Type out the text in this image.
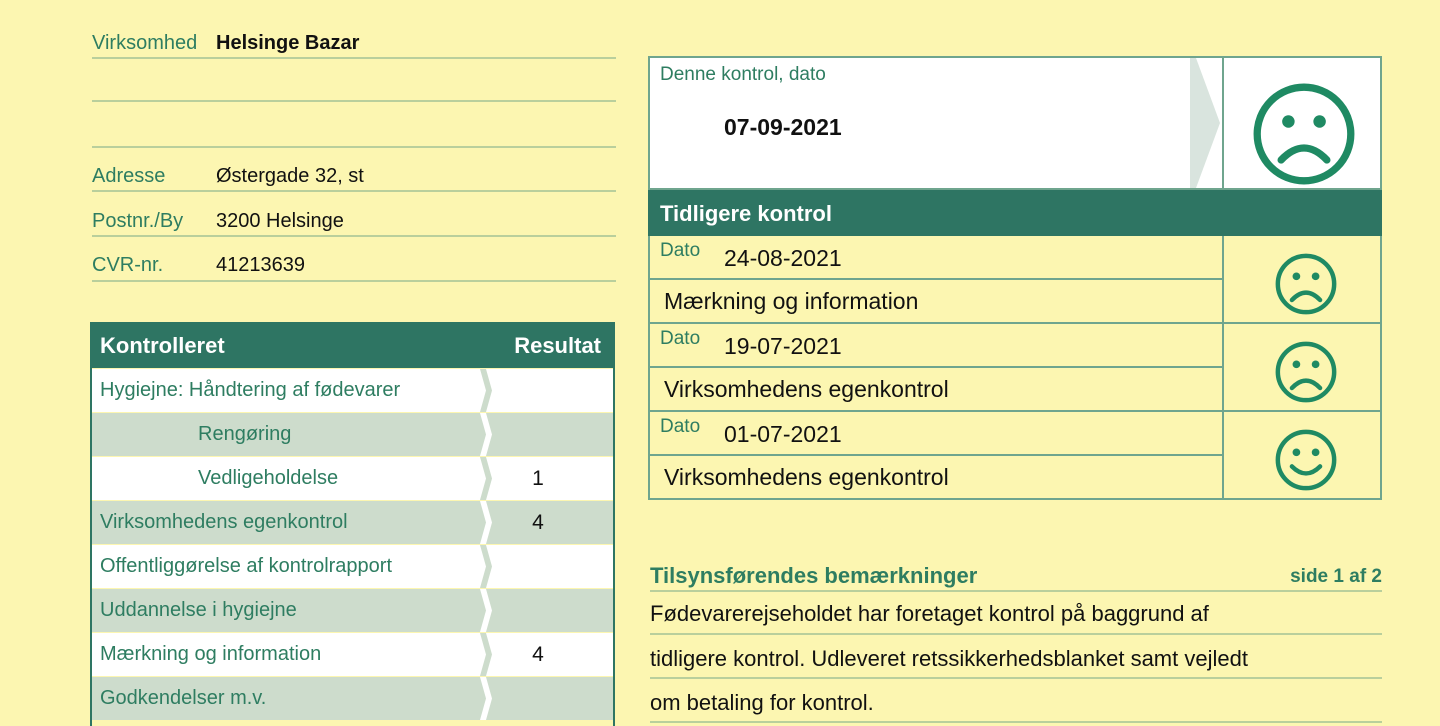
Virksomhed Helsinge Bazar
Adresse	Østergade 32, st
Postnr./By 3200 Helsinge
CVR-nr.	41213639
Kontrolleret	Resultat
Hygiejne: Håndtering af fødevarer
Rengøring
Vedligeholdelse	1
Virksomhedens egenkontrol	4
Offentliggørelse af kontrolrapport
Uddannelse i hygiejne
Mærkning og information	4
Godkendelser m.v.
Denne kontrol, dato
07-09-2021
Tidligere kontrol
Dato 24-08-2021
Mærkning og information
Dato 19-07-2021
Virksomhedens egenkontrol
Dato 01-07-2021
Virksomhedens egenkontrol
Tilsynsførendes bemærkninger	side 1 af 2
Fødevarerejseholdet har foretaget kontrol på baggrund af
tidligere kontrol. Udleveret retssikkerhedsblanket samt vejledt
om betaling for kontrol.
